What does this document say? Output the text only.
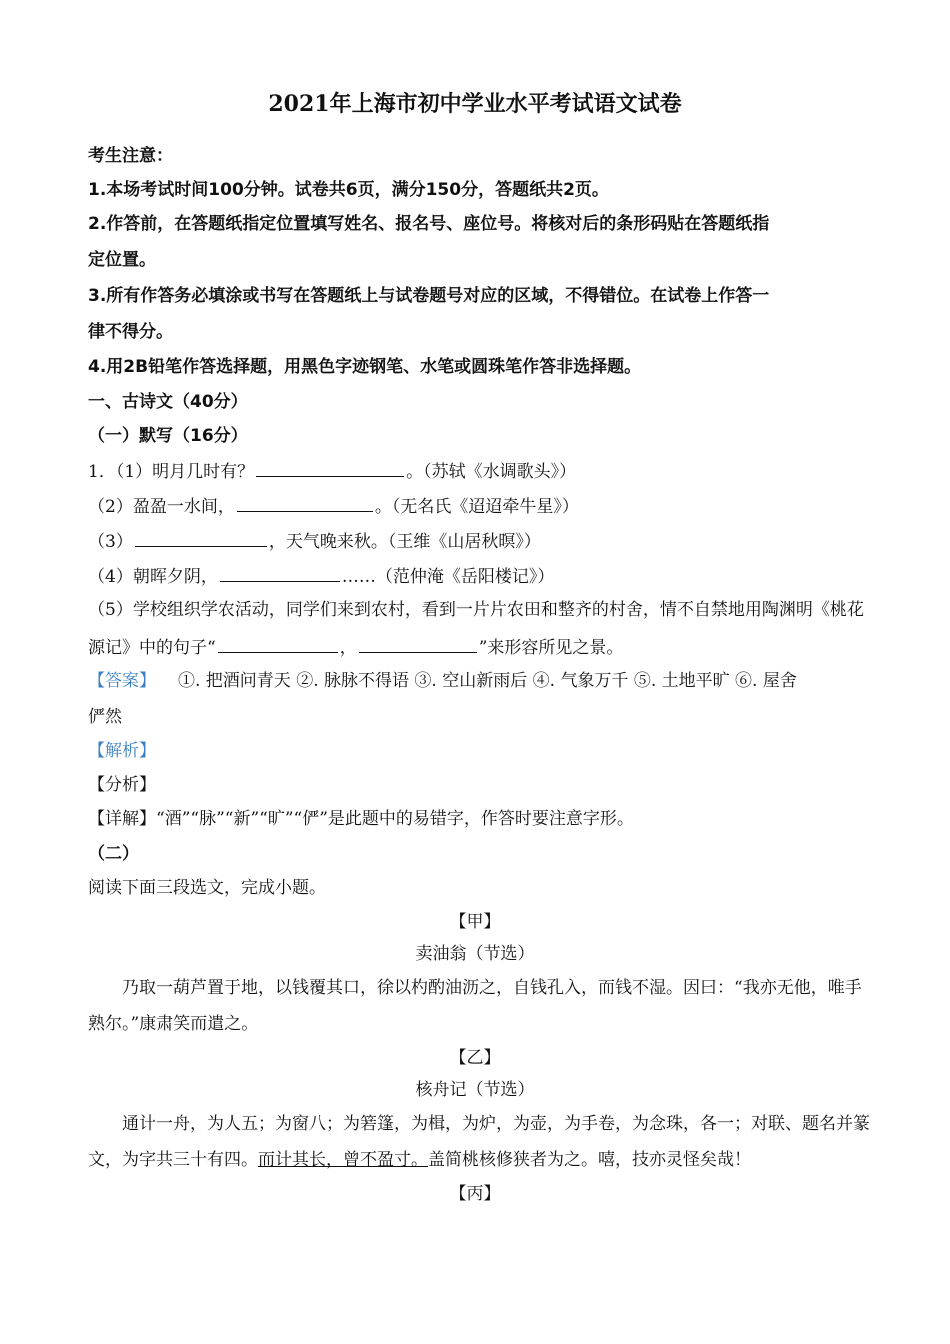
2021年上海市初中学业水平考试语文试卷
考生注意：
1.本场考试时间100分钟。试卷共6页，满分150分，答题纸共2页。
2.作答前，在答题纸指定位置填写姓名、报名号、座位号。将核对后的条形码贴在答题纸指
定位置。
3.所有作答务必填涂或书写在答题纸上与试卷题号对应的区域，不得错位。在试卷上作答一
律不得分。
4.用2B铅笔作答选择题，用黑色字迹钢笔、水笔或圆珠笔作答非选择题。
一、古诗文（40分）
（一）默写（16分）
1．（1）明月几时有？	。（苏轼《水调歌头》）
（2）盈盈一水间，	。（无名氏《迢迢牵牛星》）
（3）	，天气晚来秋。（王维《山居秋暝》）
（4）朝晖夕阴，	……（范仲淹《岳阳楼记》）
（5）学校组织学农活动，同学们来到农村，看到一片片农田和整齐的村舍，情不自禁地用陶渊明《桃花
源记》中的句子“	，	”来形容所见之景。
【答案】 ①. 把酒问青天 ②. 脉脉不得语 ③. 空山新雨后 ④. 气象万千 ⑤. 土地平旷 ⑥. 屋舍
俨然
【解析】
【分析】
【详解】“酒”“脉”“新”“旷”“俨”是此题中的易错字，作答时要注意字形。
（二）
阅读下面三段选文，完成小题。
【甲】
卖油翁（节选）
乃取一葫芦置于地，以钱覆其口，徐以杓酌油沥之，自钱孔入，而钱不湿。因曰：“我亦无他，唯手
熟尔。”康肃笑而遣之。
【乙】
核舟记（节选）
通计一舟，为人五；为窗八；为箬篷，为楫，为炉，为壶，为手卷，为念珠，各一；对联、题名并篆
文，为字共三十有四。而计其长，曾不盈寸。盖简桃核修狭者为之。嘻，技亦灵怪矣哉！
【丙】
